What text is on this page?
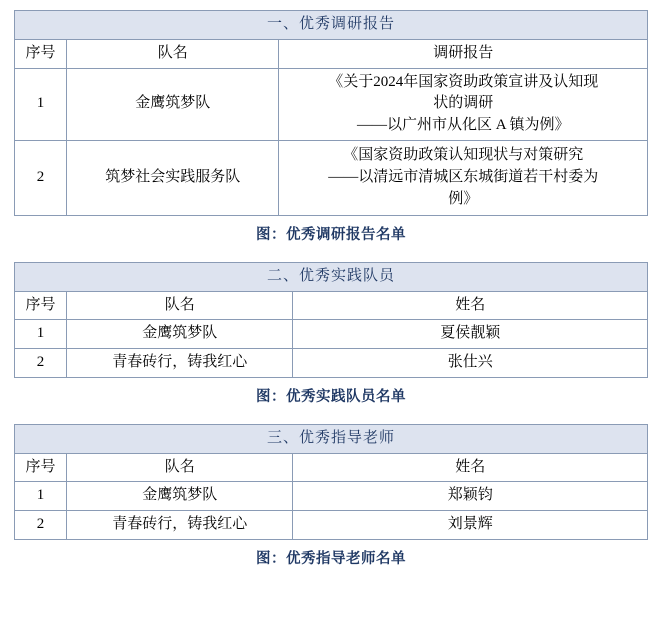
一、优秀调研报告		
序号	队名	调研报告
1	金鹰筑梦队	《关于2024年国家资助政策宣讲及认知现
状的调研
——以广州市从化区 A 镇为例》

2	筑梦社会实践服务队	《国家资助政策认知现状与对策研究
——以清远市清城区东城街道若干村委为
例》

图：优秀调研报告名单

二、优秀实践队员		
序号	队名	姓名
1	金鹰筑梦队	夏侯靓颖
2	青春砖行，铸我红心	张仕兴

图：优秀实践队员名单

三、优秀指导老师		
序号	队名	姓名
1	金鹰筑梦队	郑颖钧
2	青春砖行，铸我红心	刘景辉

图：优秀指导老师名单
